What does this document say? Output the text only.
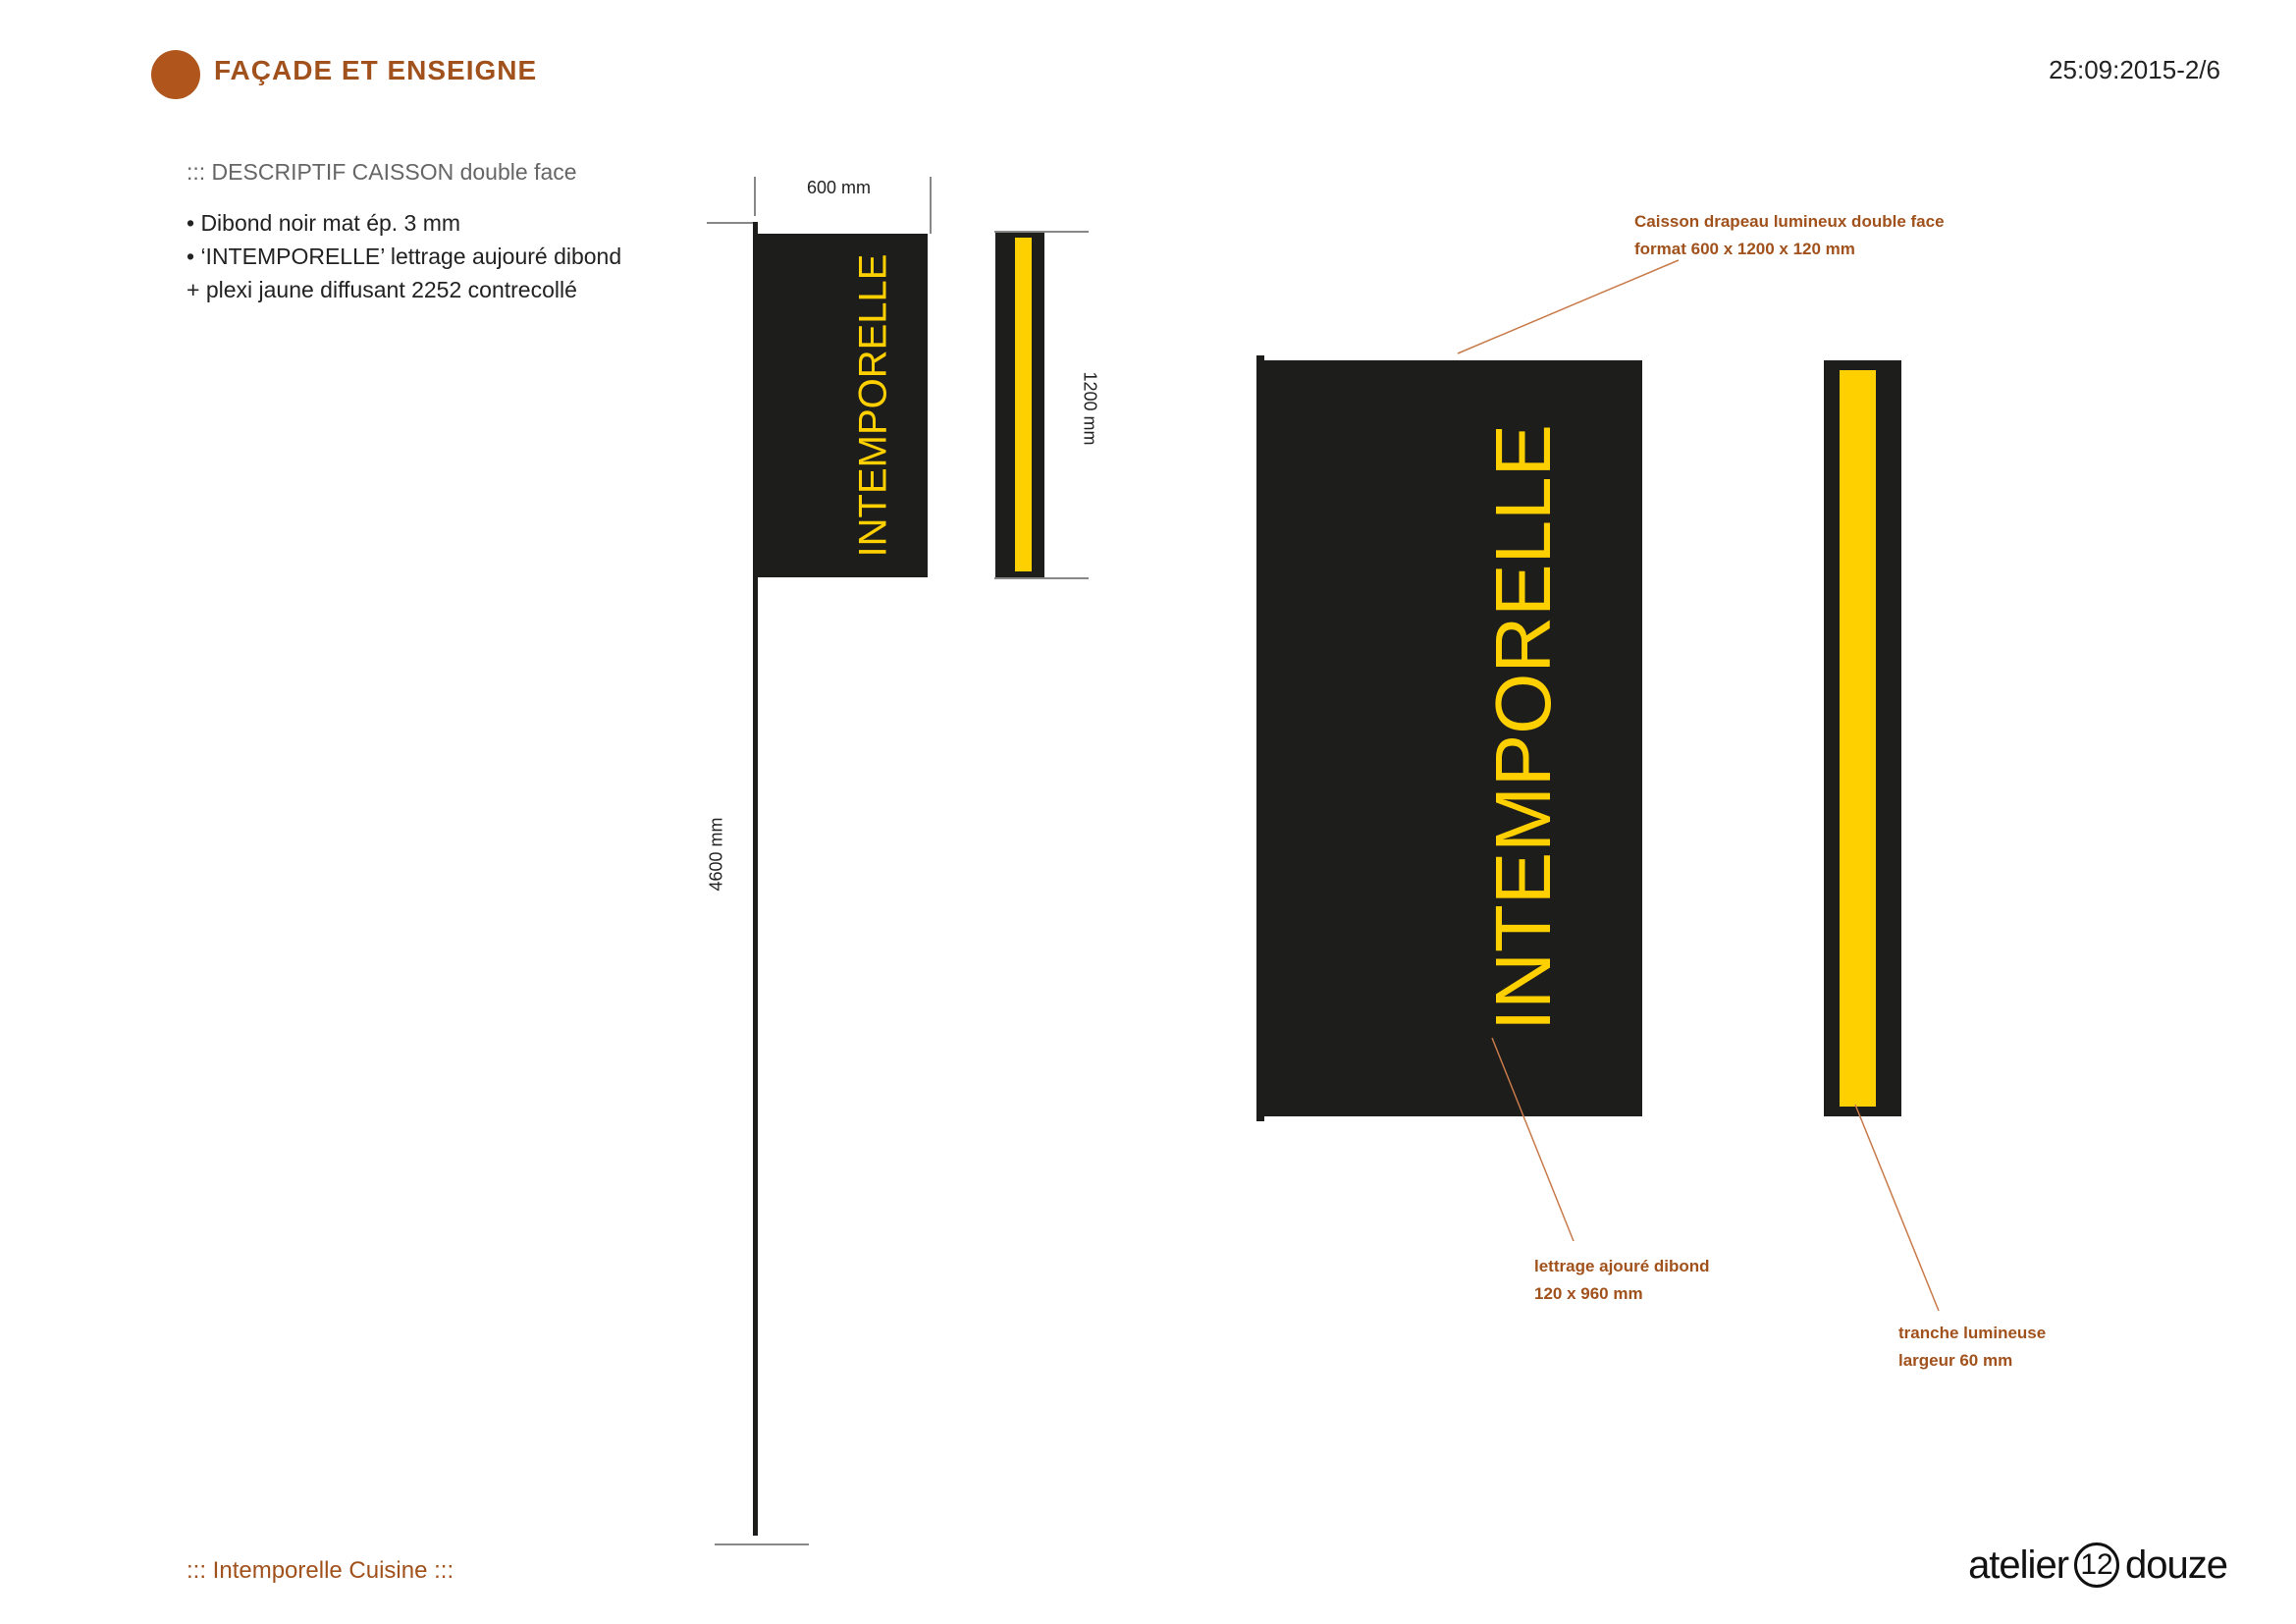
FAÇADE ET ENSEIGNE	25:09:2015-2/6
::: DESCRIPTIF CAISSON double face
• Dibond noir mat ép. 3 mm
• ‘INTEMPORELLE’ lettrage aujouré dibond
+ plexi jaune diffusant 2252 contrecollé
600 mm
4600 mm
INTEMPORELLE	1200 mm
INTEMPORELLE
Caisson drapeau lumineux double face
format 600 x 1200 x 120 mm
lettrage ajouré dibond
120 x 960 mm
tranche lumineuse
largeur 60 mm
::: Intemporelle Cuisine :::	atelier 12 douze
